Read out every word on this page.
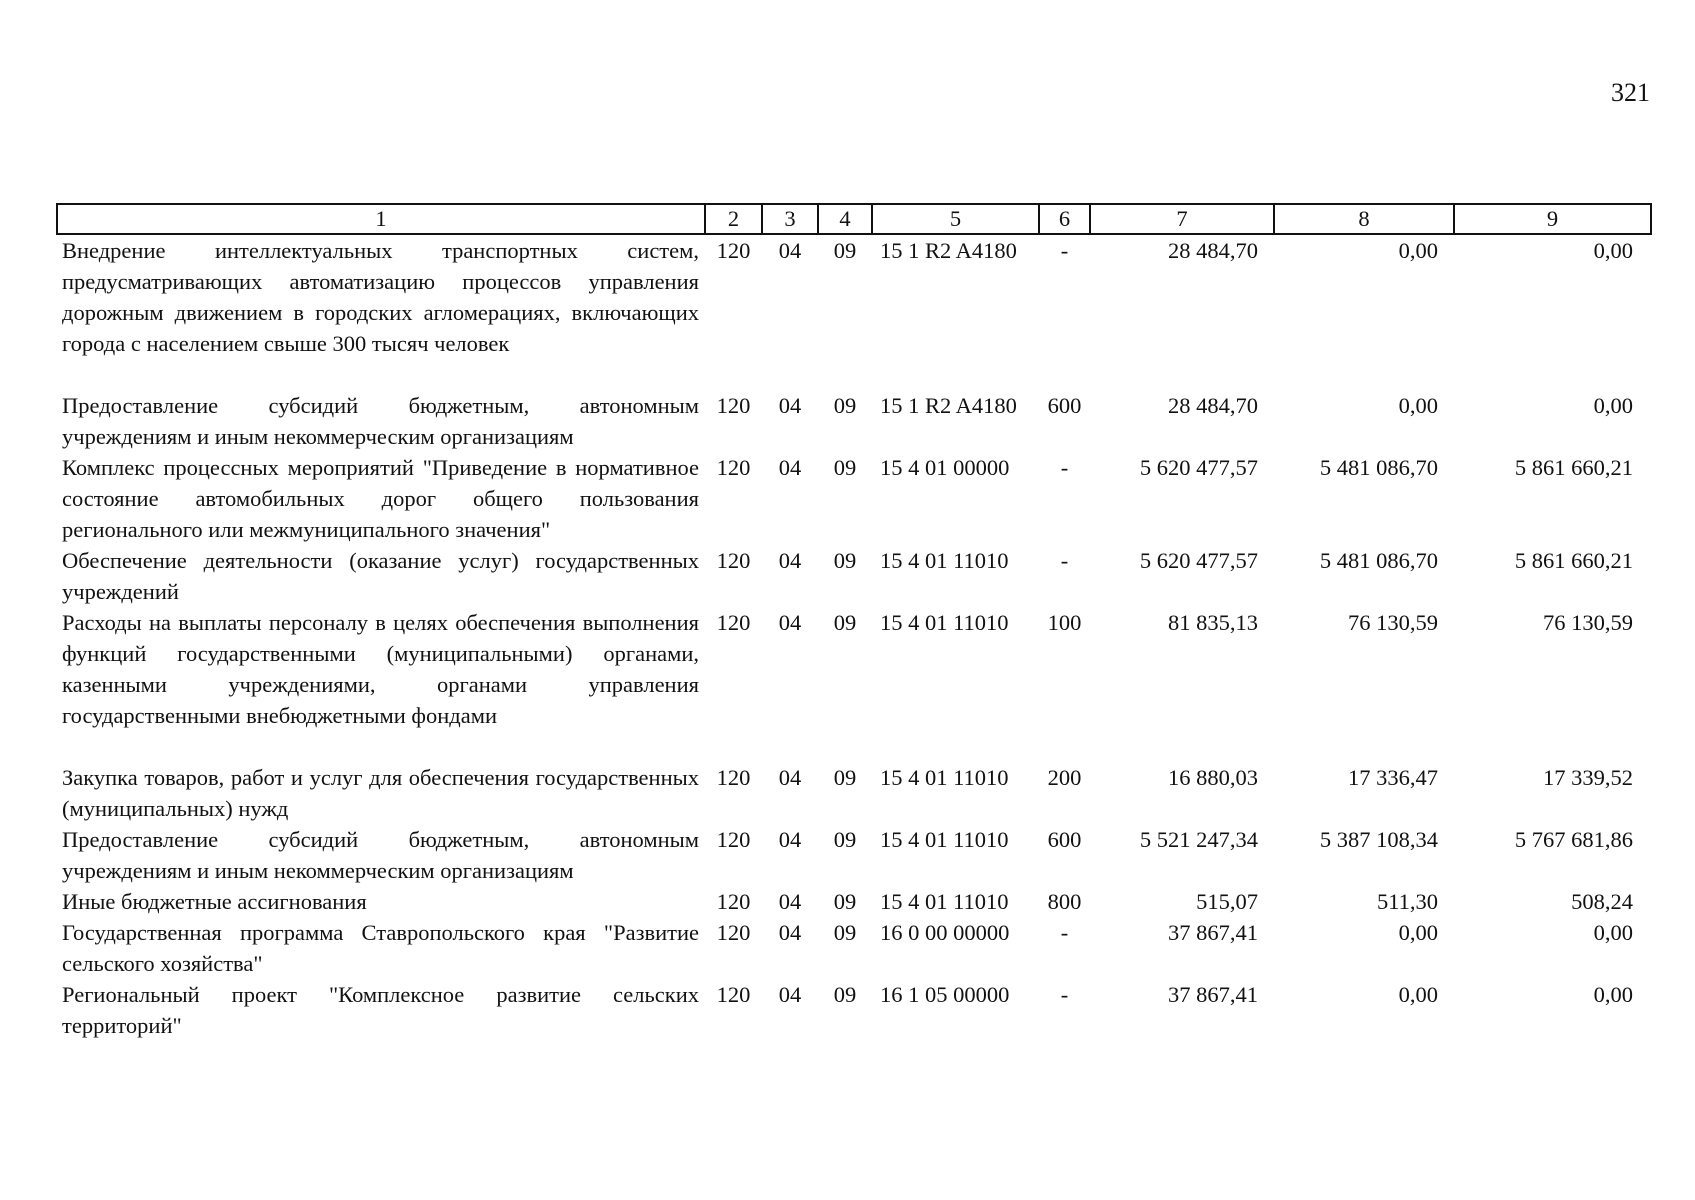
321
1	2	3	4	5	6	7	8	9
Внедрение интеллектуальных транспортных систем, предусматривающих автоматизацию процессов управления дорожным движением в городских агломерациях, включающих города с населением свыше 300 тысяч человек	120	04	09	15 1 R2 A4180	-	28 484,70	0,00	0,00
Предоставление субсидий бюджетным, автономным учреждениям и иным некоммерческим организациям	120	04	09	15 1 R2 A4180	600	28 484,70	0,00	0,00
Комплекс процессных мероприятий "Приведение в нормативное состояние автомобильных дорог общего пользования регионального или межмуниципального значения"	120	04	09	15 4 01 00000	-	5 620 477,57	5 481 086,70	5 861 660,21
Обеспечение деятельности (оказание услуг) государственных учреждений	120	04	09	15 4 01 11010	-	5 620 477,57	5 481 086,70	5 861 660,21
Расходы на выплаты персоналу в целях обеспечения выполнения функций государственными (муниципальными) органами, казенными учреждениями, органами управления государственными внебюджетными фондами	120	04	09	15 4 01 11010	100	81 835,13	76 130,59	76 130,59
Закупка товаров, работ и услуг для обеспечения государственных (муниципальных) нужд	120	04	09	15 4 01 11010	200	16 880,03	17 336,47	17 339,52
Предоставление субсидий бюджетным, автономным учреждениям и иным некоммерческим организациям	120	04	09	15 4 01 11010	600	5 521 247,34	5 387 108,34	5 767 681,86
Иные бюджетные ассигнования	120	04	09	15 4 01 11010	800	515,07	511,30	508,24
Государственная программа Ставропольского края "Развитие сельского хозяйства"	120	04	09	16 0 00 00000	-	37 867,41	0,00	0,00
Региональный проект "Комплексное развитие сельских территорий"	120	04	09	16 1 05 00000	-	37 867,41	0,00	0,00
